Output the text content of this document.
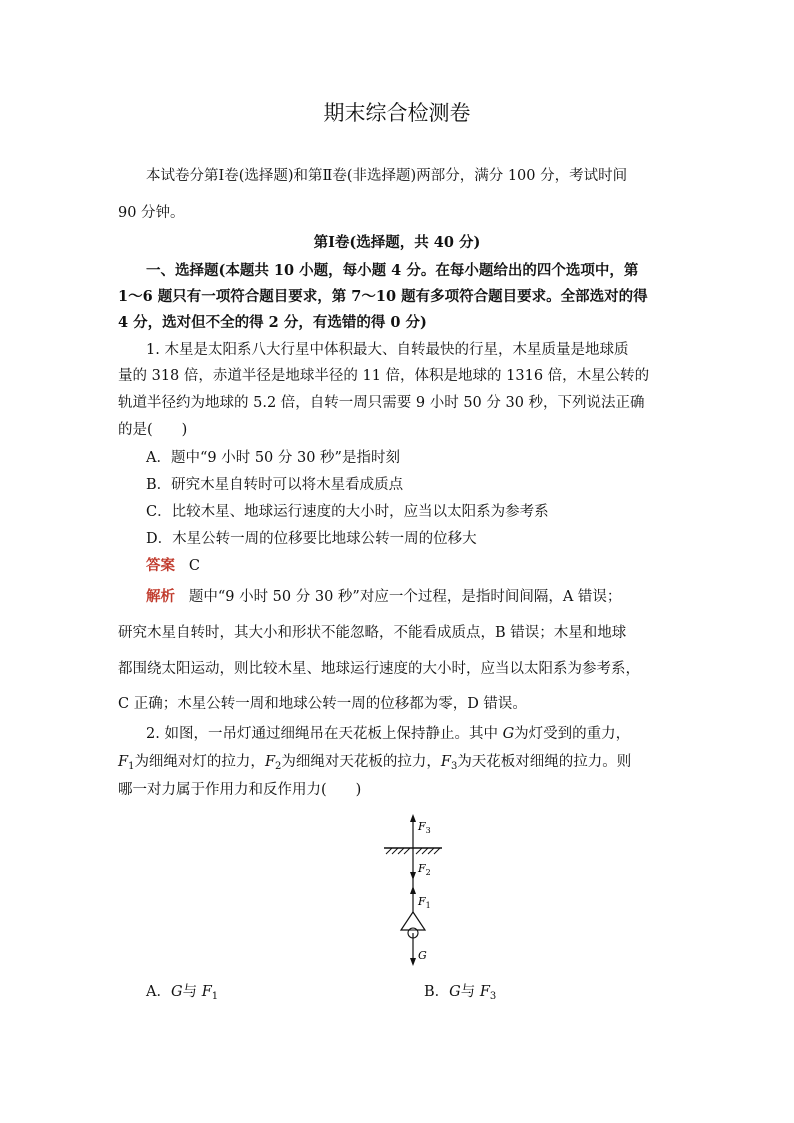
期末综合检测卷
本试卷分第Ⅰ卷(选择题)和第Ⅱ卷(非选择题)两部分，满分 100 分，考试时间
90 分钟。
第Ⅰ卷(选择题，共 40 分)
一、选择题(本题共 10 小题，每小题 4 分。在每小题给出的四个选项中，第
1～6 题只有一项符合题目要求，第 7～10 题有多项符合题目要求。全部选对的得
4 分，选对但不全的得 2 分，有选错的得 0 分)
1. 木星是太阳系八大行星中体积最大、自转最快的行星，木星质量是地球质
量的 318 倍，赤道半径是地球半径的 11 倍，体积是地球的 1316 倍，木星公转的
轨道半径约为地球的 5.2 倍，自转一周只需要 9 小时 50 分 30 秒，下列说法正确
的是(　　)
A．题中“9 小时 50 分 30 秒”是指时刻
B．研究木星自转时可以将木星看成质点
C．比较木星、地球运行速度的大小时，应当以太阳系为参考系
D．木星公转一周的位移要比地球公转一周的位移大
答案 C
解析 题中“9 小时 50 分 30 秒”对应一个过程，是指时间间隔，A 错误；
研究木星自转时，其大小和形状不能忽略，不能看成质点，B 错误；木星和地球
都围绕太阳运动，则比较木星、地球运行速度的大小时，应当以太阳系为参考系，
C 正确；木星公转一周和地球公转一周的位移都为零，D 错误。
2. 如图，一吊灯通过细绳吊在天花板上保持静止。其中 G为灯受到的重力，
$F_1$为细绳对灯的拉力，$F_2$为细绳对天花板的拉力，$F_3$为天花板对细绳的拉力。则
哪一对力属于作用力和反作用力(　　)
$F_3$
$F_2$
$F_1$
G
A．G与 $F_1$	B．G与 $F_3$
